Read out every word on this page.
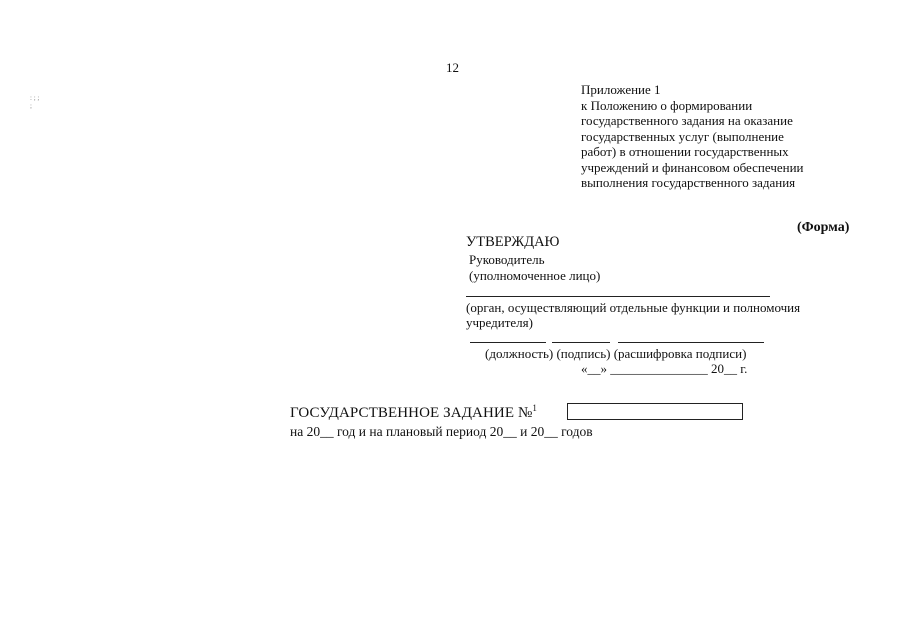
12
: ; ; ;
Приложение 1
к Положению о формировании
государственного задания на оказание
государственных услуг (выполнение
работ) в отношении государственных
учреждений и финансовом обеспечении
выполнения государственного задания
(Форма)
УТВЕРЖДАЮ
Руководитель
(уполномоченное лицо)
(орган, осуществляющий отдельные функции и полномочия учредителя)
(должность) (подпись) (расшифровка подписи)
«__» _______________ 20__ г.
ГОСУДАРСТВЕННОЕ ЗАДАНИЕ №$^1$
на 20__ год и на плановый период 20__ и 20__ годов
